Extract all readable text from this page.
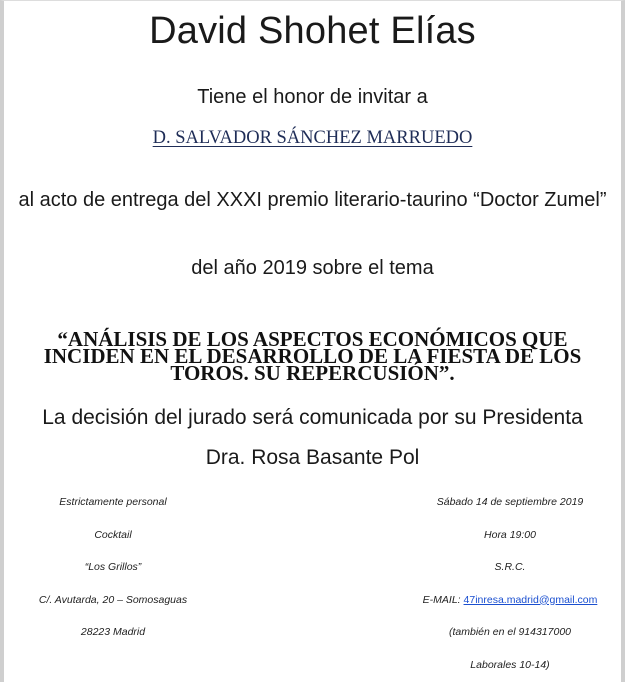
David Shohet Elías
Tiene el honor de invitar a
D. SALVADOR SÁNCHEZ MARRUEDO
al acto de entrega del XXXI premio literario-taurino “Doctor Zumel”
del año 2019 sobre el tema
“ANÁLISIS DE LOS ASPECTOS ECONÓMICOS QUE INCIDEN EN EL DESARROLLO DE LA FIESTA DE LOS TOROS. SU REPERCUSIÓN”.
La decisión del jurado será comunicada por su Presidenta
Dra. Rosa Basante Pol
Estrictamente personal
Cocktail
“Los Grillos”
C/. Avutarda, 20 – Somosaguas
28223 Madrid
Sábado 14 de septiembre 2019
Hora 19:00
S.R.C.
E-MAIL: 47inresa.madrid@gmail.com
(también en el 914317000
Laborales 10-14)
